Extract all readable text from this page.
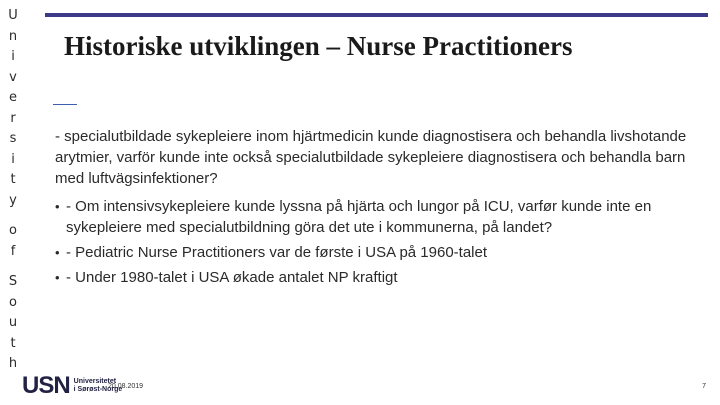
U
n
i
v
e
r
s
i
t
y
o
f
S
o
u
t
h
Historiske utviklingen – Nurse Practitioners
- specialutbildade sykepleiere inom hjärtmedicin kunde diagnostisera och behandla livshotande arytmier, varför kunde inte också specialutbildade sykepleiere diagnostisera och behandla barn med luftvägsinfektioner?
• - Om intensivsykepleiere kunde lyssna på hjärta och lungor på ICU, varfør kunde inte en sykepleiere med specialutbildning göra det ute i kommunerna, på landet?
• - Pediatric Nurse Practitioners var de første i USA på 1960-talet
• - Under 1980-talet i USA økade antalet NP kraftigt
USN Universitetet
i Sørøst-Norge
20.08.2019	7
